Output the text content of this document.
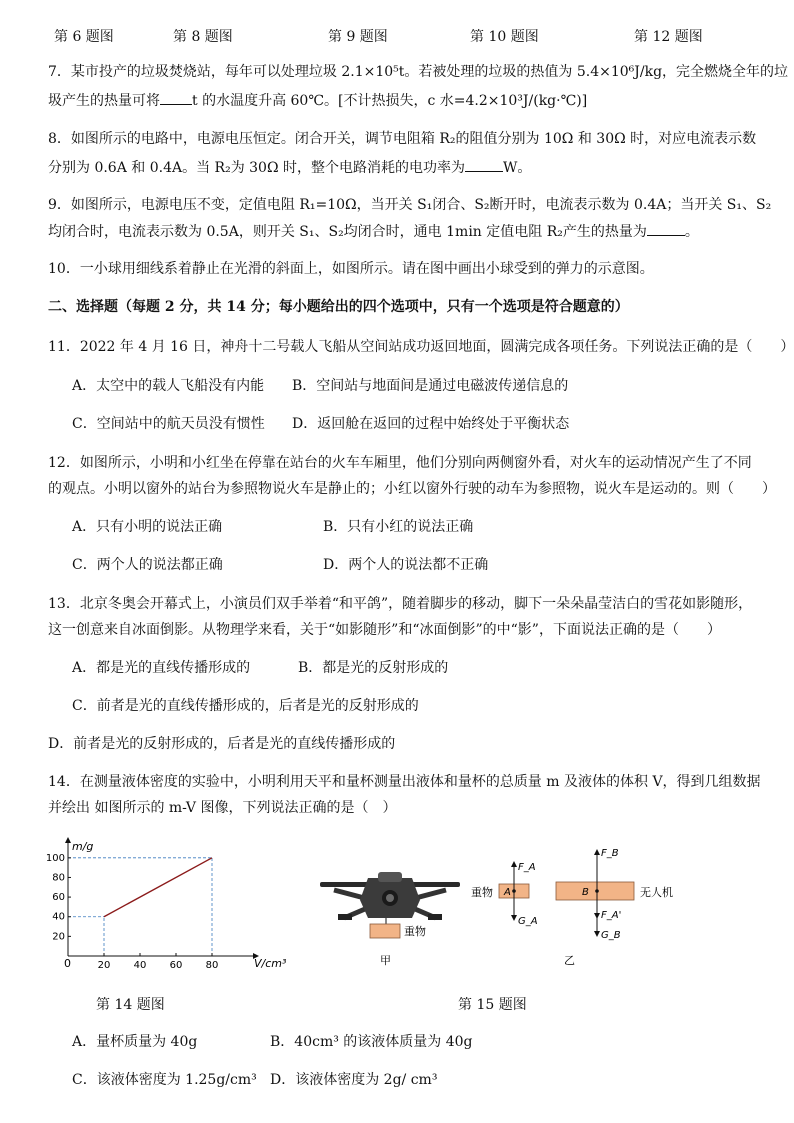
第 6 题图	第 8 题图	第 9 题图	第 10 题图	第 12 题图
7．某市投产的垃圾焚烧站，每年可以处理垃圾 2.1×10⁵t。若被处理的垃圾的热值为 5.4×10⁶J/kg，完全燃烧全年的垃
圾产生的热量可将 t 的水温度升高 60℃。[不计热损失，c 水=4.2×10³J/(kg·℃)]
8．如图所示的电路中，电源电压恒定。闭合开关，调节电阻箱 R₂的阻值分别为 10Ω 和 30Ω 时，对应电流表示数
分别为 0.6A 和 0.4A。当 R₂为 30Ω 时，整个电路消耗的电功率为	W。
9．如图所示，电源电压不变，定值电阻 R₁=10Ω，当开关 S₁闭合、S₂断开时，电流表示数为 0.4A；当开关 S₁、S₂
均闭合时，电流表示数为 0.5A，则开关 S₁、S₂均闭合时，通电 1min 定值电阻 R₂产生的热量为	。
10．一小球用细线系着静止在光滑的斜面上，如图所示。请在图中画出小球受到的弹力的示意图。
二、选择题（每题 2 分，共 14 分；每小题给出的四个选项中，只有一个选项是符合题意的）
11．2022 年 4 月 16 日，神舟十二号载人飞船从空间站成功返回地面，圆满完成各项任务。下列说法正确的是（　　）
A．太空中的载人飞船没有内能 B．空间站与地面间是通过电磁波传递信息的
C．空间站中的航天员没有惯性 D．返回舱在返回的过程中始终处于平衡状态
12．如图所示，小明和小红坐在停靠在站台的火车车厢里，他们分别向两侧窗外看，对火车的运动情况产生了不同
的观点。小明以窗外的站台为参照物说火车是静止的；小红以窗外行驶的动车为参照物，说火车是运动的。则（　　）
A．只有小明的说法正确	B．只有小红的说法正确
C．两个人的说法都正确	D．两个人的说法都不正确
13．北京冬奥会开幕式上，小演员们双手举着“和平鸽”，随着脚步的移动，脚下一朵朵晶莹洁白的雪花如影随形，
这一创意来自冰面倒影。从物理学来看，关于“如影随形”和“冰面倒影”的中“影”，下面说法正确的是（　　）
A．都是光的直线传播形成的	B．都是光的反射形成的
C．前者是光的直线传播形成的，后者是光的反射形成的
D．前者是光的反射形成的，后者是光的直线传播形成的
14．在测量液体密度的实验中，小明利用天平和量杯测量出液体和量杯的总质量 m 及液体的体积 V，得到几组数据
并绘出 如图所示的 m-V 图像，下列说法正确的是（　）
20 40 60 80
20
40
60
80
100
m/g
V/cm³
0
第 14 题图
重物
甲
重物 A
F_A
G_A
B
F_B
F_A'
G_B
无人机
乙
第 15 题图
A．量杯质量为 40g	B．40cm³ 的该液体质量为 40g
C．该液体密度为 1.25g/cm³ D．该液体密度为 2g/ cm³
